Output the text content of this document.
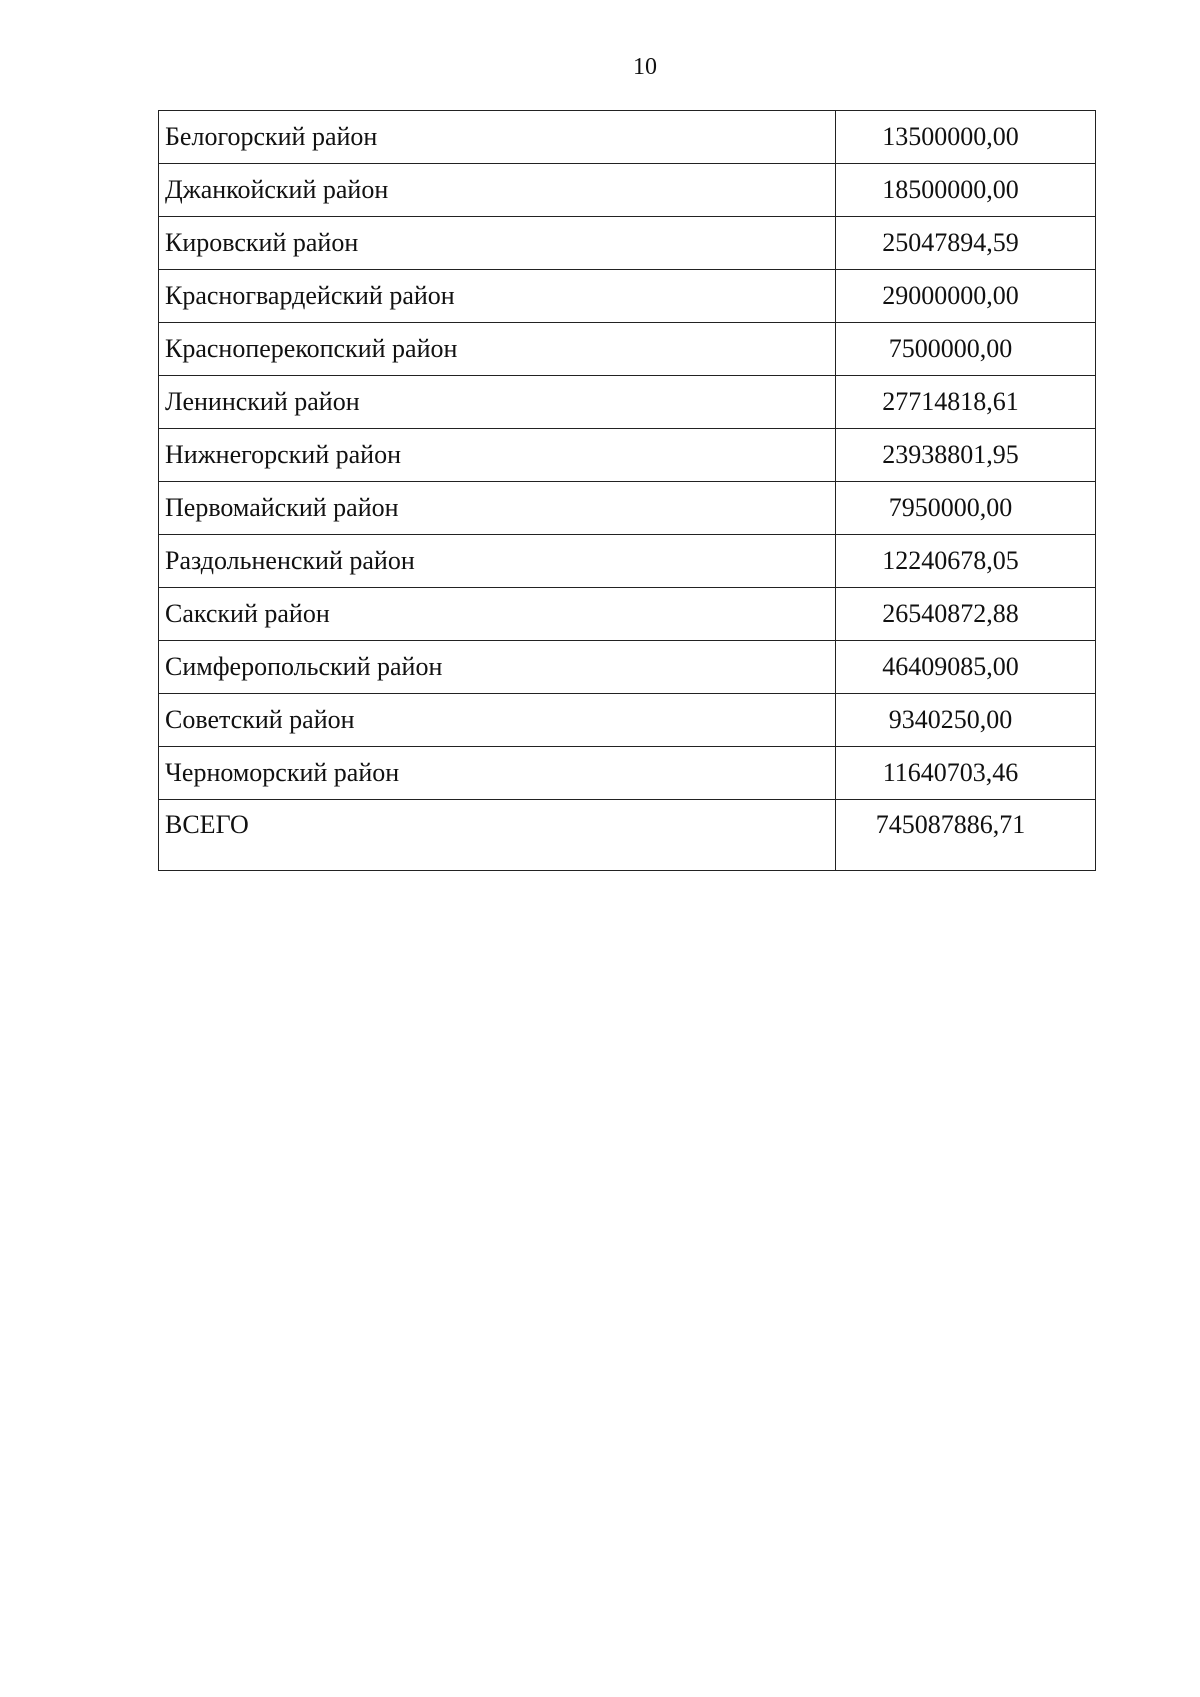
10
Белогорский район	13500000,00
Джанкойский район	18500000,00
Кировский район	25047894,59
Красногвардейский район	29000000,00
Красноперекопский район	7500000,00
Ленинский район	27714818,61
Нижнегорский район	23938801,95
Первомайский район	7950000,00
Раздольненский район	12240678,05
Сакский район	26540872,88
Симферопольский район	46409085,00
Советский район	9340250,00
Черноморский район	11640703,46
ВСЕГО	745087886,71
